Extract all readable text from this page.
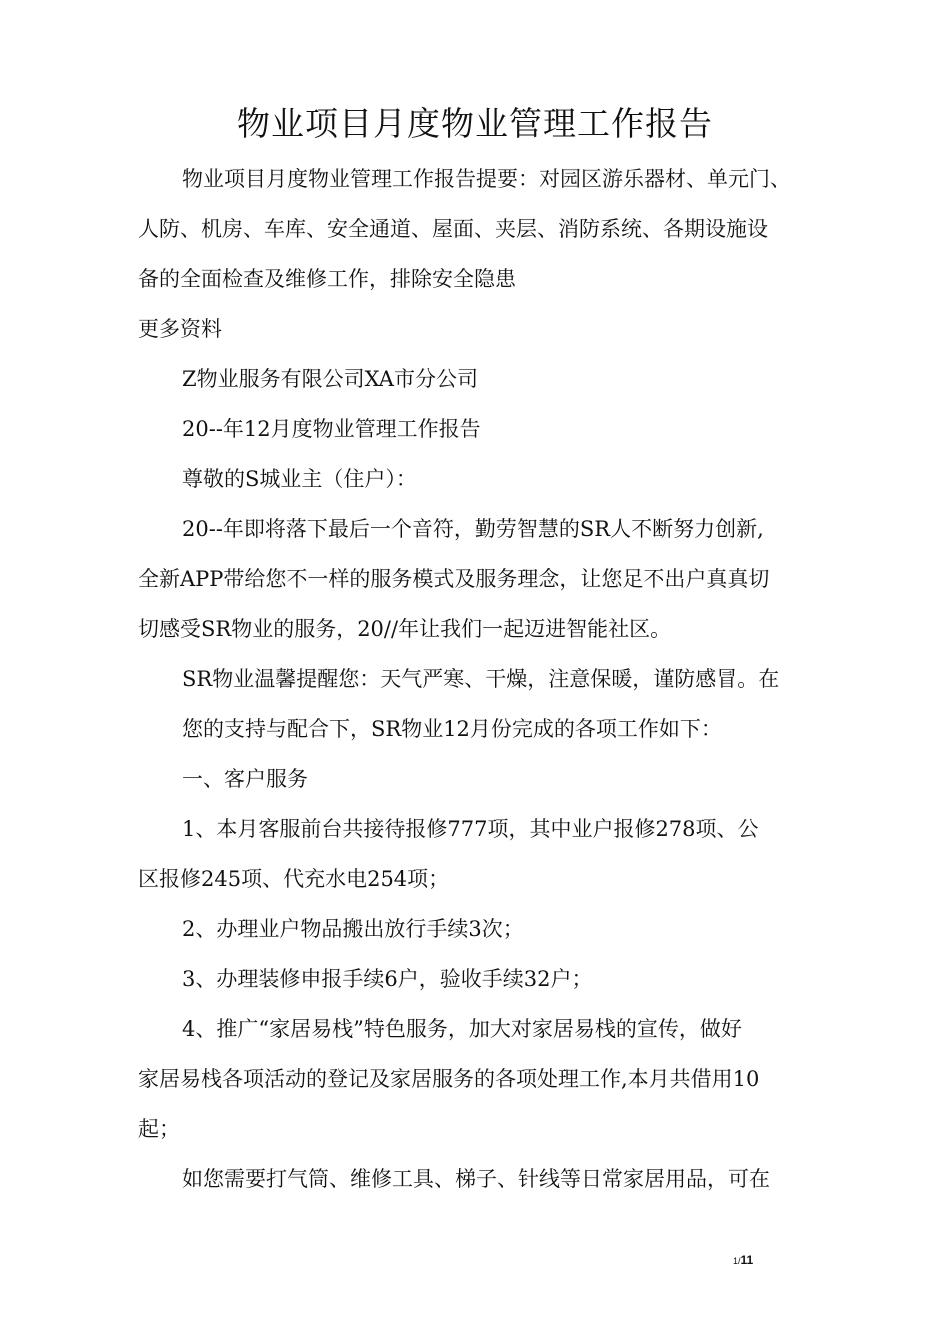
物业项目月度物业管理工作报告
物业项目月度物业管理工作报告提要：对园区游乐器材、单元门、
人防、机房、车库、安全通道、屋面、夹层、消防系统、各期设施设
备的全面检查及维修工作，排除安全隐患
更多资料
Z物业服务有限公司XA市分公司
20--年12月度物业管理工作报告
尊敬的S城业主（住户）：
20--年即将落下最后一个音符，勤劳智慧的SR人不断努力创新,
全新APP带给您不一样的服务模式及服务理念，让您足不出户真真切
切感受SR物业的服务，20//年让我们一起迈进智能社区。
SR物业温馨提醒您：天气严寒、干燥，注意保暖，谨防感冒。在
您的支持与配合下，SR物业12月份完成的各项工作如下：
一、客户服务
1、本月客服前台共接待报修777项，其中业户报修278项、公
区报修245项、代充水电254项；
2、办理业户物品搬出放行手续3次；
3、办理装修申报手续6户，验收手续32户；
4、推广“家居易栈”特色服务，加大对家居易栈的宣传，做好
家居易栈各项活动的登记及家居服务的各项处理工作,本月共借用10
起；
如您需要打气筒、维修工具、梯子、针线等日常家居用品，可在
1/11
